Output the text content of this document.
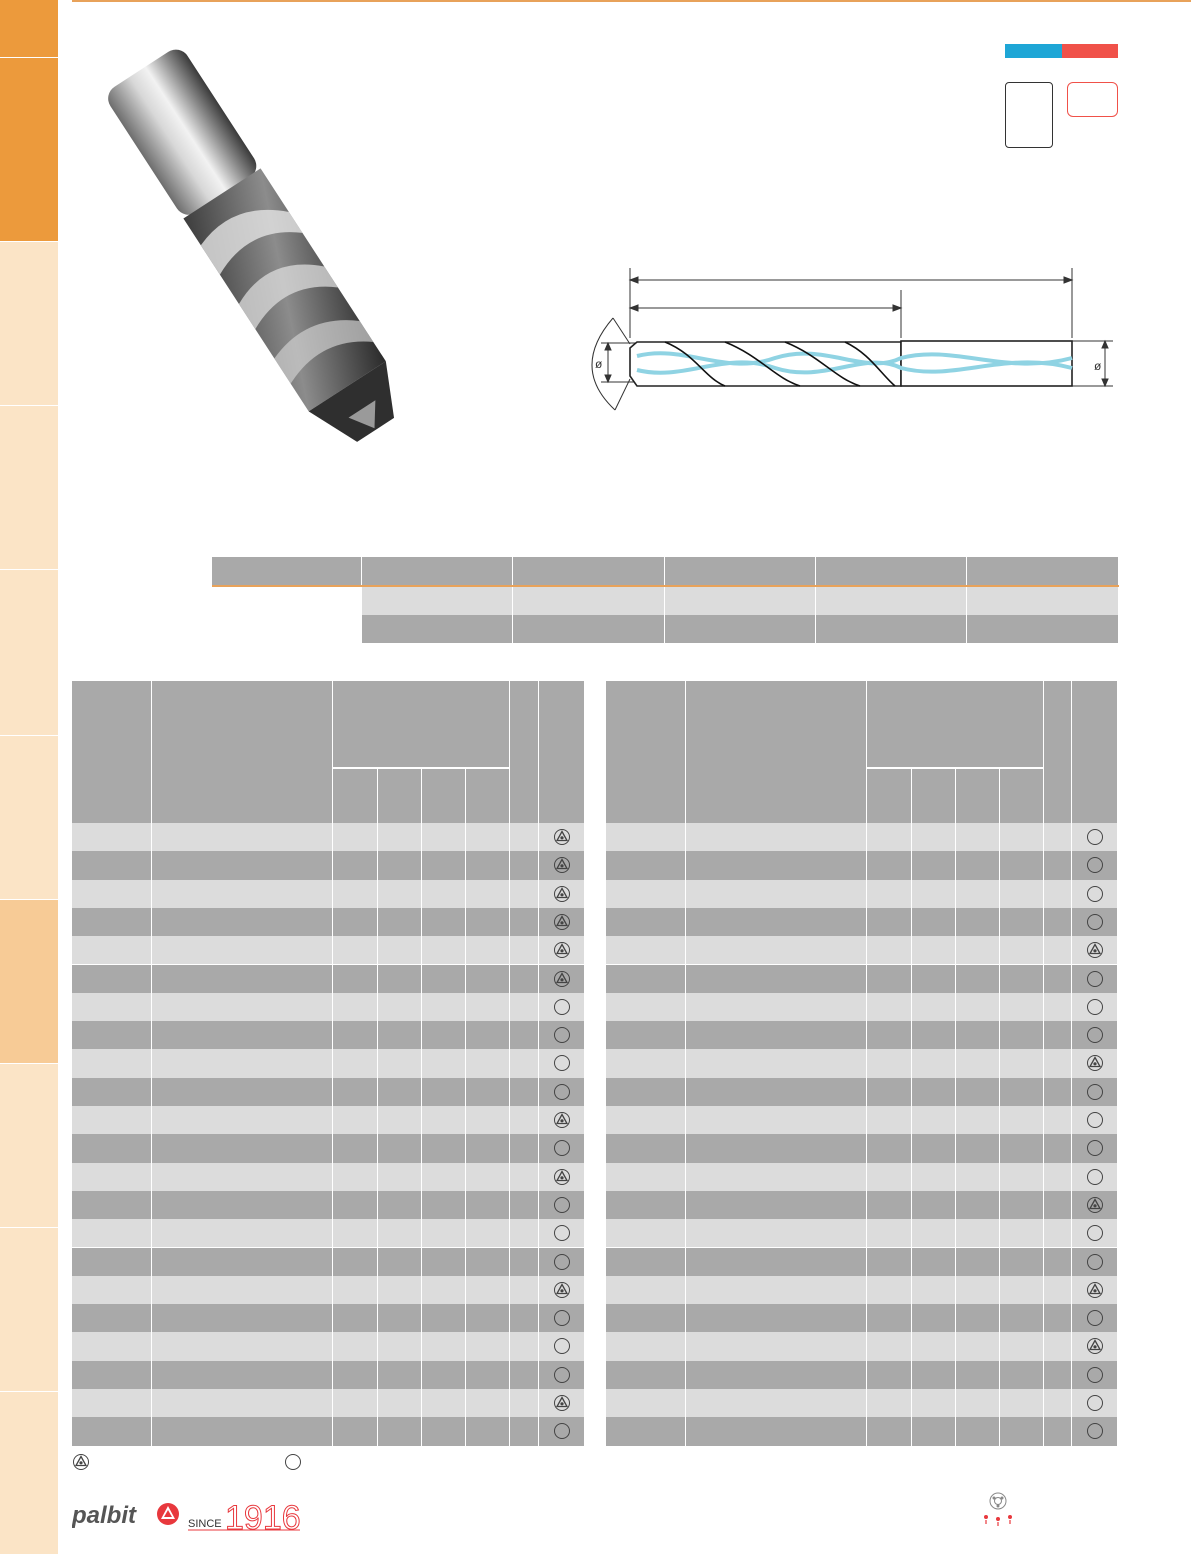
ø	ø
palbit	SINCE 1916
